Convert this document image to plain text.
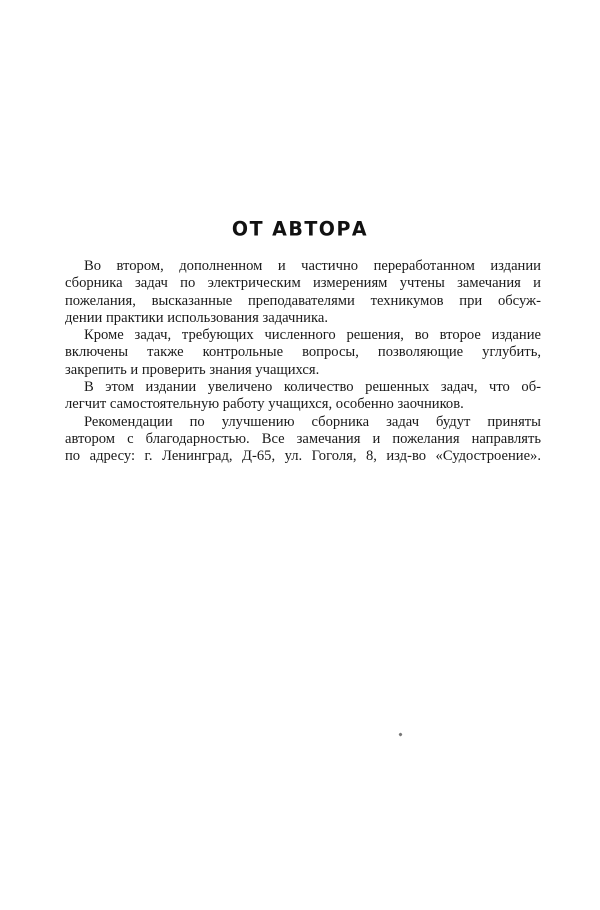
ОТ АВТОРА
Во втором, дополненном и частично переработанном издании
сборника задач по электрическим измерениям учтены замечания и
пожелания, высказанные преподавателями техникумов при обсуж-
дении практики использования задачника.
Кроме задач, требующих численного решения, во второе издание
включены также контрольные вопросы, позволяющие углубить,
закрепить и проверить знания учащихся.
В этом издании увеличено количество решенных задач, что об-
легчит самостоятельную работу учащихся, особенно заочников.
Рекомендации по улучшению сборника задач будут приняты
автором с благодарностью. Все замечания и пожелания направлять
по адресу: г. Ленинград, Д-65, ул. Гоголя, 8, изд-во «Судостроение».
